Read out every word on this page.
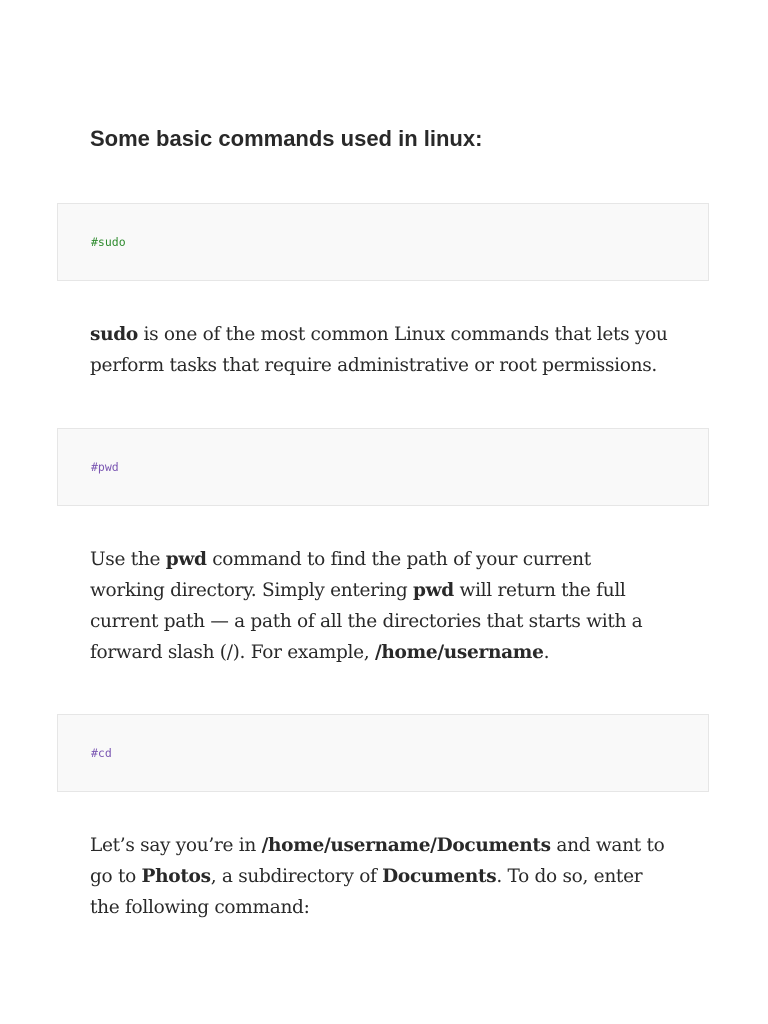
Some basic commands used in linux:
#sudo

sudo is one of the most common Linux commands that lets you perform tasks that require administrative or root permissions.

#pwd

Use the pwd command to find the path of your current working directory. Simply entering pwd will return the full current path — a path of all the directories that starts with a forward slash (/). For example, /home/username.

#cd

Let’s say you’re in /home/username/Documents and want to go to Photos, a subdirectory of Documents. To do so, enter the following command:
